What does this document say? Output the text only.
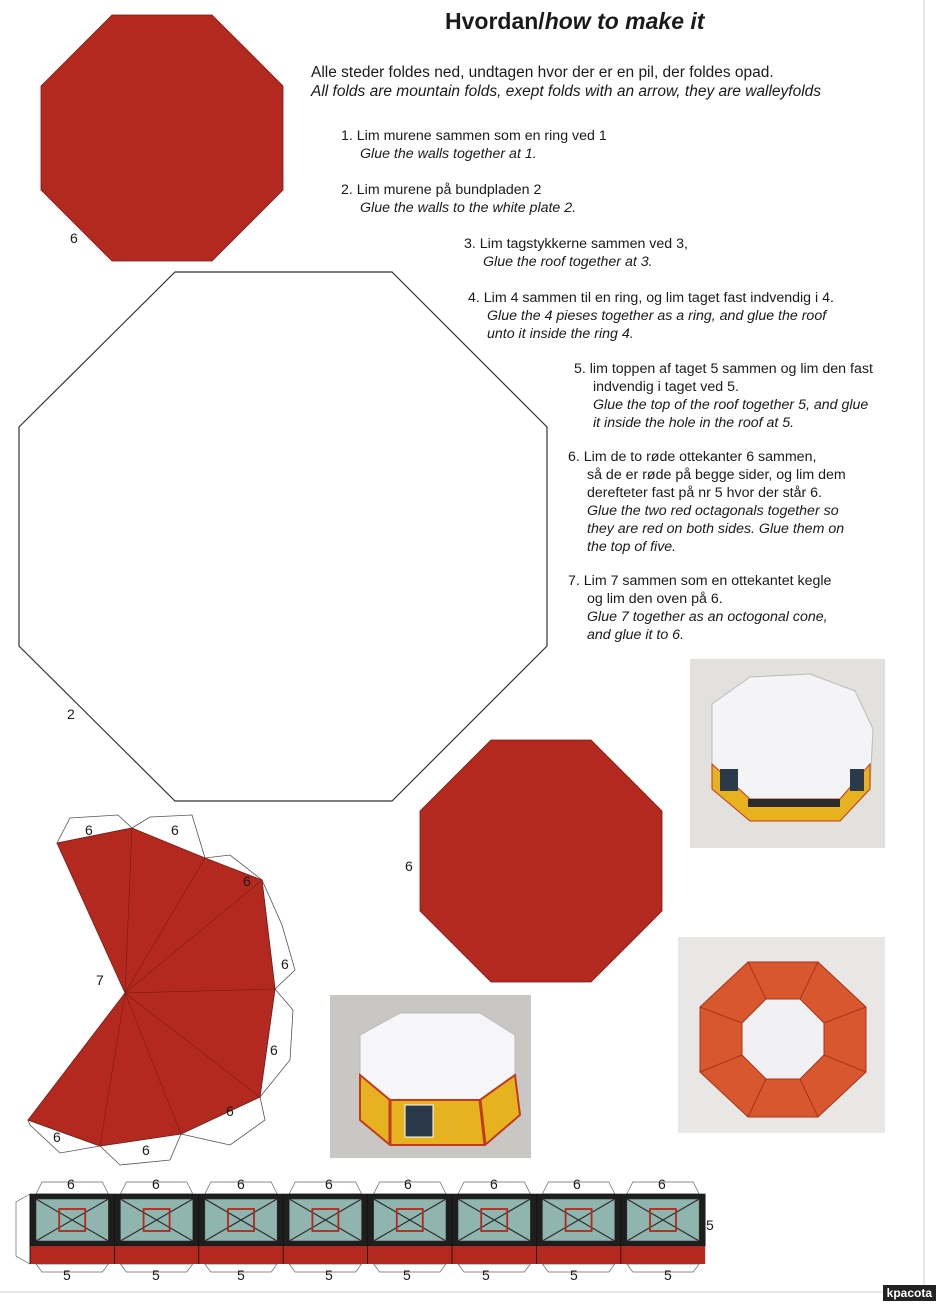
6
2
6
7
6	6
6
6
6
6
6
6
6	6	6	6	6	6	6	6
5	5	5	5	5	5	5	5
5
Hvordan/how to make it
Alle steder foldes ned, undtagen hvor der er en pil, der foldes opad.
All folds are mountain folds, exept folds with an arrow, they are walleyfolds
1. Lim murene sammen som en ring ved 1
Glue the walls together at 1.
2. Lim murene på bundpladen 2
Glue the walls to the white plate 2.
3. Lim tagstykkerne sammen ved 3,
Glue the roof together at 3.
4. Lim 4 sammen til en ring, og lim taget fast indvendig i 4.
Glue the 4 pieses together as a ring, and glue the roof
unto it inside the ring 4.
5. lim toppen af taget 5 sammen og lim den fast
indvendig i taget ved 5.
Glue the top of the roof together 5, and glue
it inside the hole in the roof at 5.
6. Lim de to røde ottekanter 6 sammen,
så de er røde på begge sider, og lim dem
derefteter fast på nr 5 hvor der står 6.
Glue the two red octagonals together so
they are red on both sides. Glue them on
the top of five.
7. Lim 7 sammen som en ottekantet kegle
og lim den oven på 6.
Glue 7 together as an octogonal cone,
and glue it to 6.
kpacota
